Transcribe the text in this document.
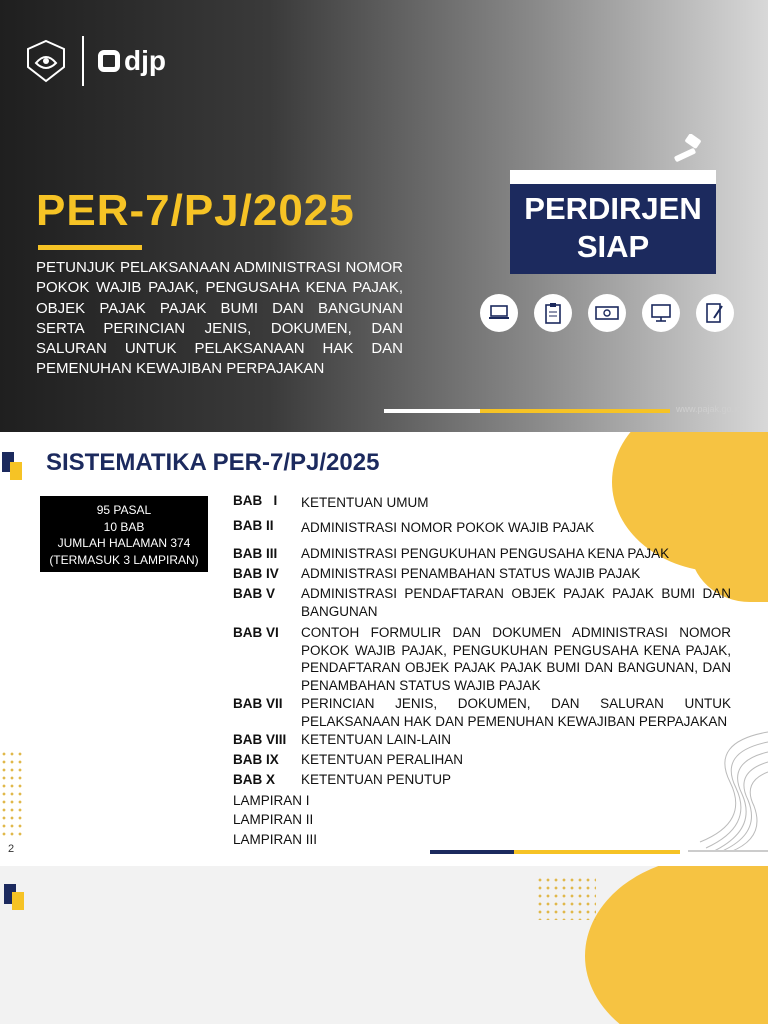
djp
PER-7/PJ/2025
PETUNJUK PELAKSANAAN ADMINISTRASI NOMOR POKOK WAJIB PAJAK, PENGUSAHA KENA PAJAK, OBJEK PAJAK PAJAK BUMI DAN BANGUNAN SERTA PERINCIAN JENIS, DOKUMEN, DAN SALURAN UNTUK PELAKSANAAN HAK DAN PEMENUHAN KEWAJIBAN PERPAJAKAN
PERDIRJEN
SIAP
www.pajak.go.id
SISTEMATIKA PER-7/PJ/2025
95 PASAL
10 BAB
JUMLAH HALAMAN 374
(TERMASUK 3 LAMPIRAN)
BAB   I	KETENTUAN UMUM
BAB II	ADMINISTRASI NOMOR POKOK WAJIB PAJAK
BAB III	ADMINISTRASI PENGUKUHAN PENGUSAHA KENA PAJAK
BAB IV	ADMINISTRASI PENAMBAHAN STATUS WAJIB PAJAK
BAB V	ADMINISTRASI PENDAFTARAN OBJEK PAJAK PAJAK BUMI DAN BANGUNAN
BAB VI	CONTOH FORMULIR DAN DOKUMEN ADMINISTRASI NOMOR POKOK WAJIB PAJAK, PENGUKUHAN PENGUSAHA KENA PAJAK, PENDAFTARAN OBJEK PAJAK PAJAK BUMI DAN BANGUNAN, DAN PENAMBAHAN STATUS WAJIB PAJAK
BAB VII	PERINCIAN JENIS, DOKUMEN, DAN SALURAN UNTUK PELAKSANAAN HAK DAN PEMENUHAN KEWAJIBAN PERPAJAKAN
BAB VIII	KETENTUAN LAIN-LAIN
BAB IX	KETENTUAN PERALIHAN
BAB X	KETENTUAN PENUTUP
LAMPIRAN I
LAMPIRAN II
LAMPIRAN III
2
